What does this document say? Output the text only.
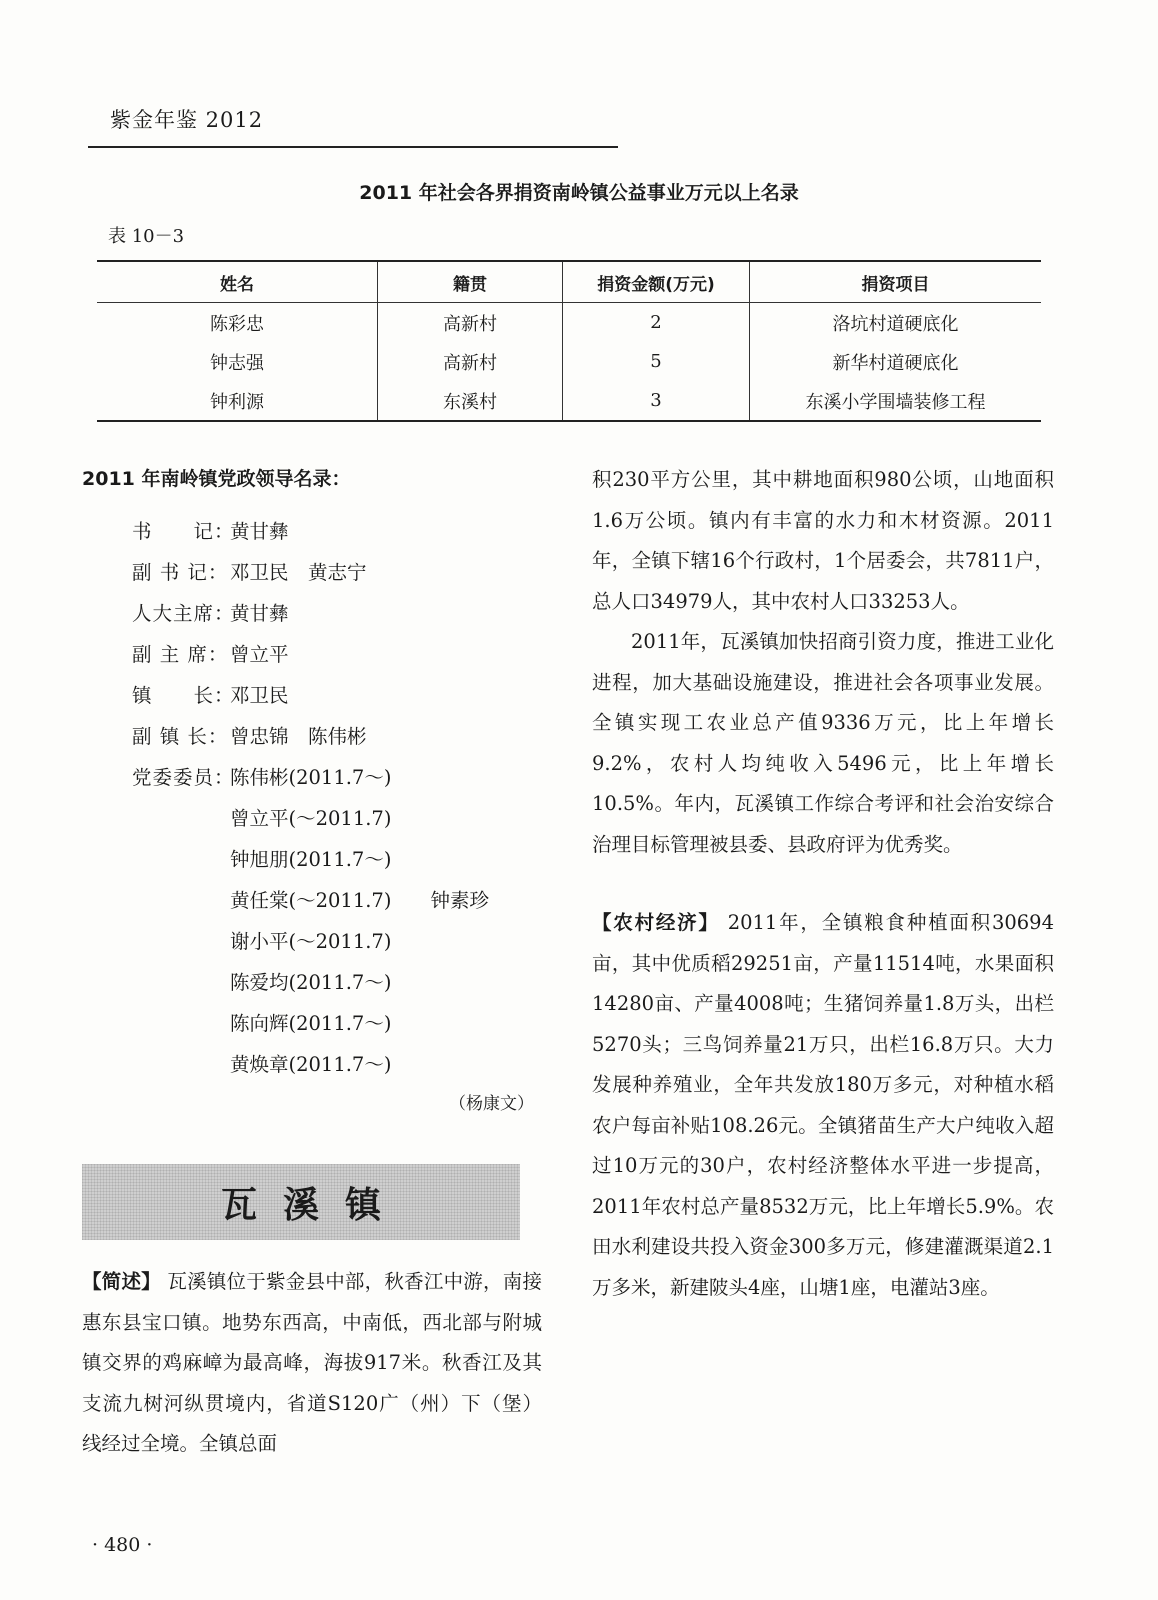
紫金年鉴 2012
2011 年社会各界捐资南岭镇公益事业万元以上名录
表 10－3
姓名	籍贯	捐资金额(万元)	捐资项目
陈彩忠	高新村	2	洛坑村道硬底化
钟志强	高新村	5	新华村道硬底化
钟利源	东溪村	3	东溪小学围墙装修工程
2011 年南岭镇党政领导名录：
书　　记：
黄甘彝
副 书 记： 邓卫民　黄志宁
人大主席：
黄甘彝
副 主 席： 曾立平
镇　　长：
邓卫民
副 镇 长： 曾忠锦　陈伟彬
党委委员：
陈伟彬(2011.7～)
曾立平(～2011.7)
钟旭朋(2011.7～)
黄任棠(～2011.7)　　钟素珍
谢小平(～2011.7)
陈爱均(2011.7～)
陈向辉(2011.7～)
黄焕章(2011.7～)
（杨康文）
瓦溪镇

【简述】 瓦溪镇位于紫金县中部，秋香江中游，南接惠东县宝口镇。地势东西高，中南低，西北部与附城镇交界的鸡麻嶂为最高峰，海拔917米。秋香江及其支流九树河纵贯境内，省道S120广（州）下（堡）线经过全境。全镇总面

积230平方公里，其中耕地面积980公顷，山地面积1.6万公顷。镇内有丰富的水力和木材资源。2011年，全镇下辖16个行政村，1个居委会，共7811户，总人口34979人，其中农村人口33253人。

2011年，瓦溪镇加快招商引资力度，推进工业化进程，加大基础设施建设，推进社会各项事业发展。全镇实现工农业总产值9336万元，比上年增长9.2%，农村人均纯收入5496元，比上年增长10.5%。年内，瓦溪镇工作综合考评和社会治安综合治理目标管理被县委、县政府评为优秀奖。

【农村经济】 2011年，全镇粮食种植面积30694亩，其中优质稻29251亩，产量11514吨，水果面积14280亩、产量4008吨；生猪饲养量1.8万头，出栏5270头；三鸟饲养量21万只，出栏16.8万只。大力发展种养殖业，全年共发放180万多元，对种植水稻农户每亩补贴108.26元。全镇猪苗生产大户纯收入超过10万元的30户，农村经济整体水平进一步提高，2011年农村总产量8532万元，比上年增长5.9%。农田水利建设共投入资金300多万元，修建灌溉渠道2.1万多米，新建陂头4座，山塘1座，电灌站3座。

· 480 ·
